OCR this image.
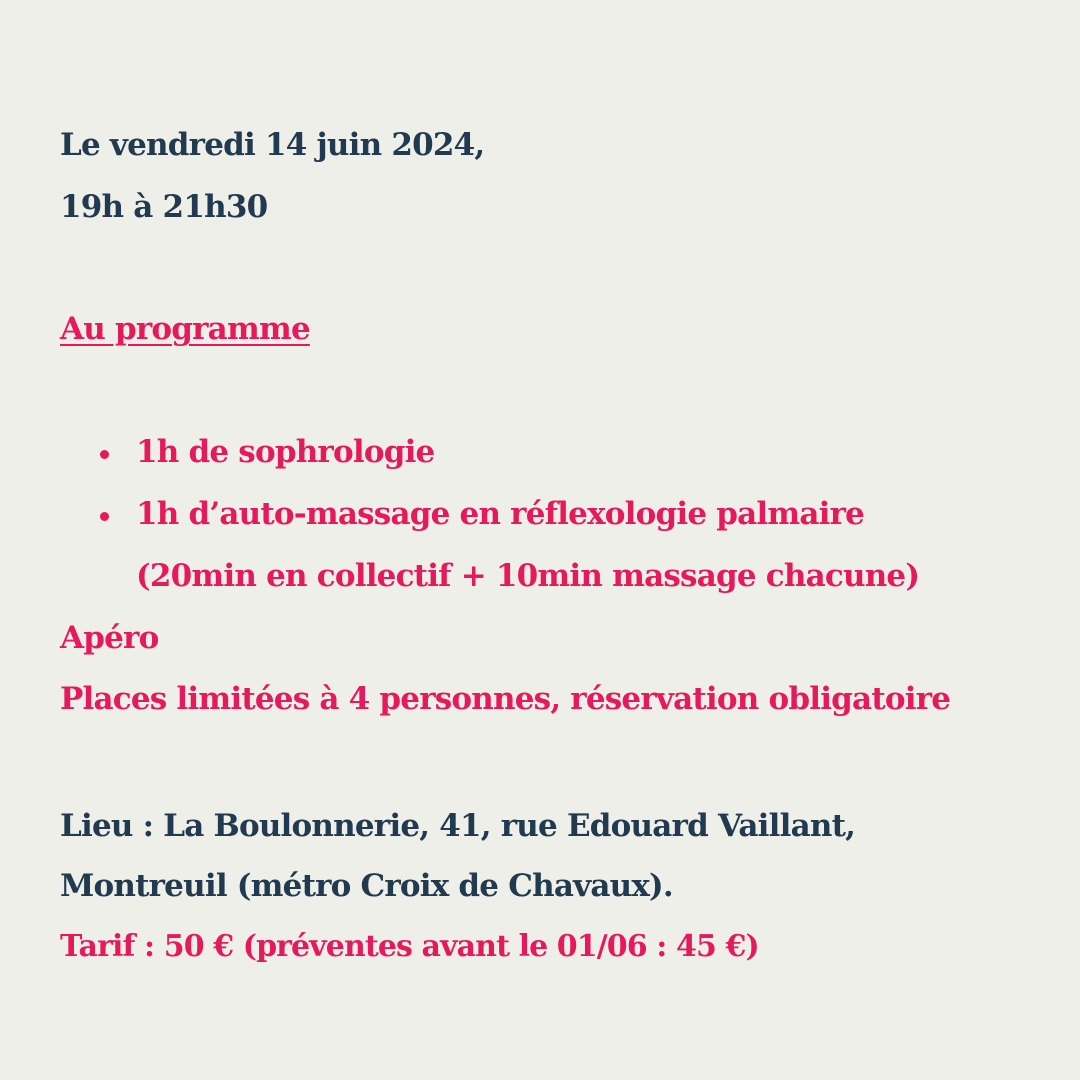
Le vendredi 14 juin 2024,
19h à 21h30
Au programme
1h de sophrologie
1h d’auto-massage en réflexologie palmaire
(20min en collectif + 10min massage chacune)
Apéro
Places limitées à 4 personnes, réservation obligatoire
Lieu : La Boulonnerie, 41, rue Edouard Vaillant,
Montreuil (métro Croix de Chavaux).
Tarif : 50 € (préventes avant le 01/06 : 45 €)
